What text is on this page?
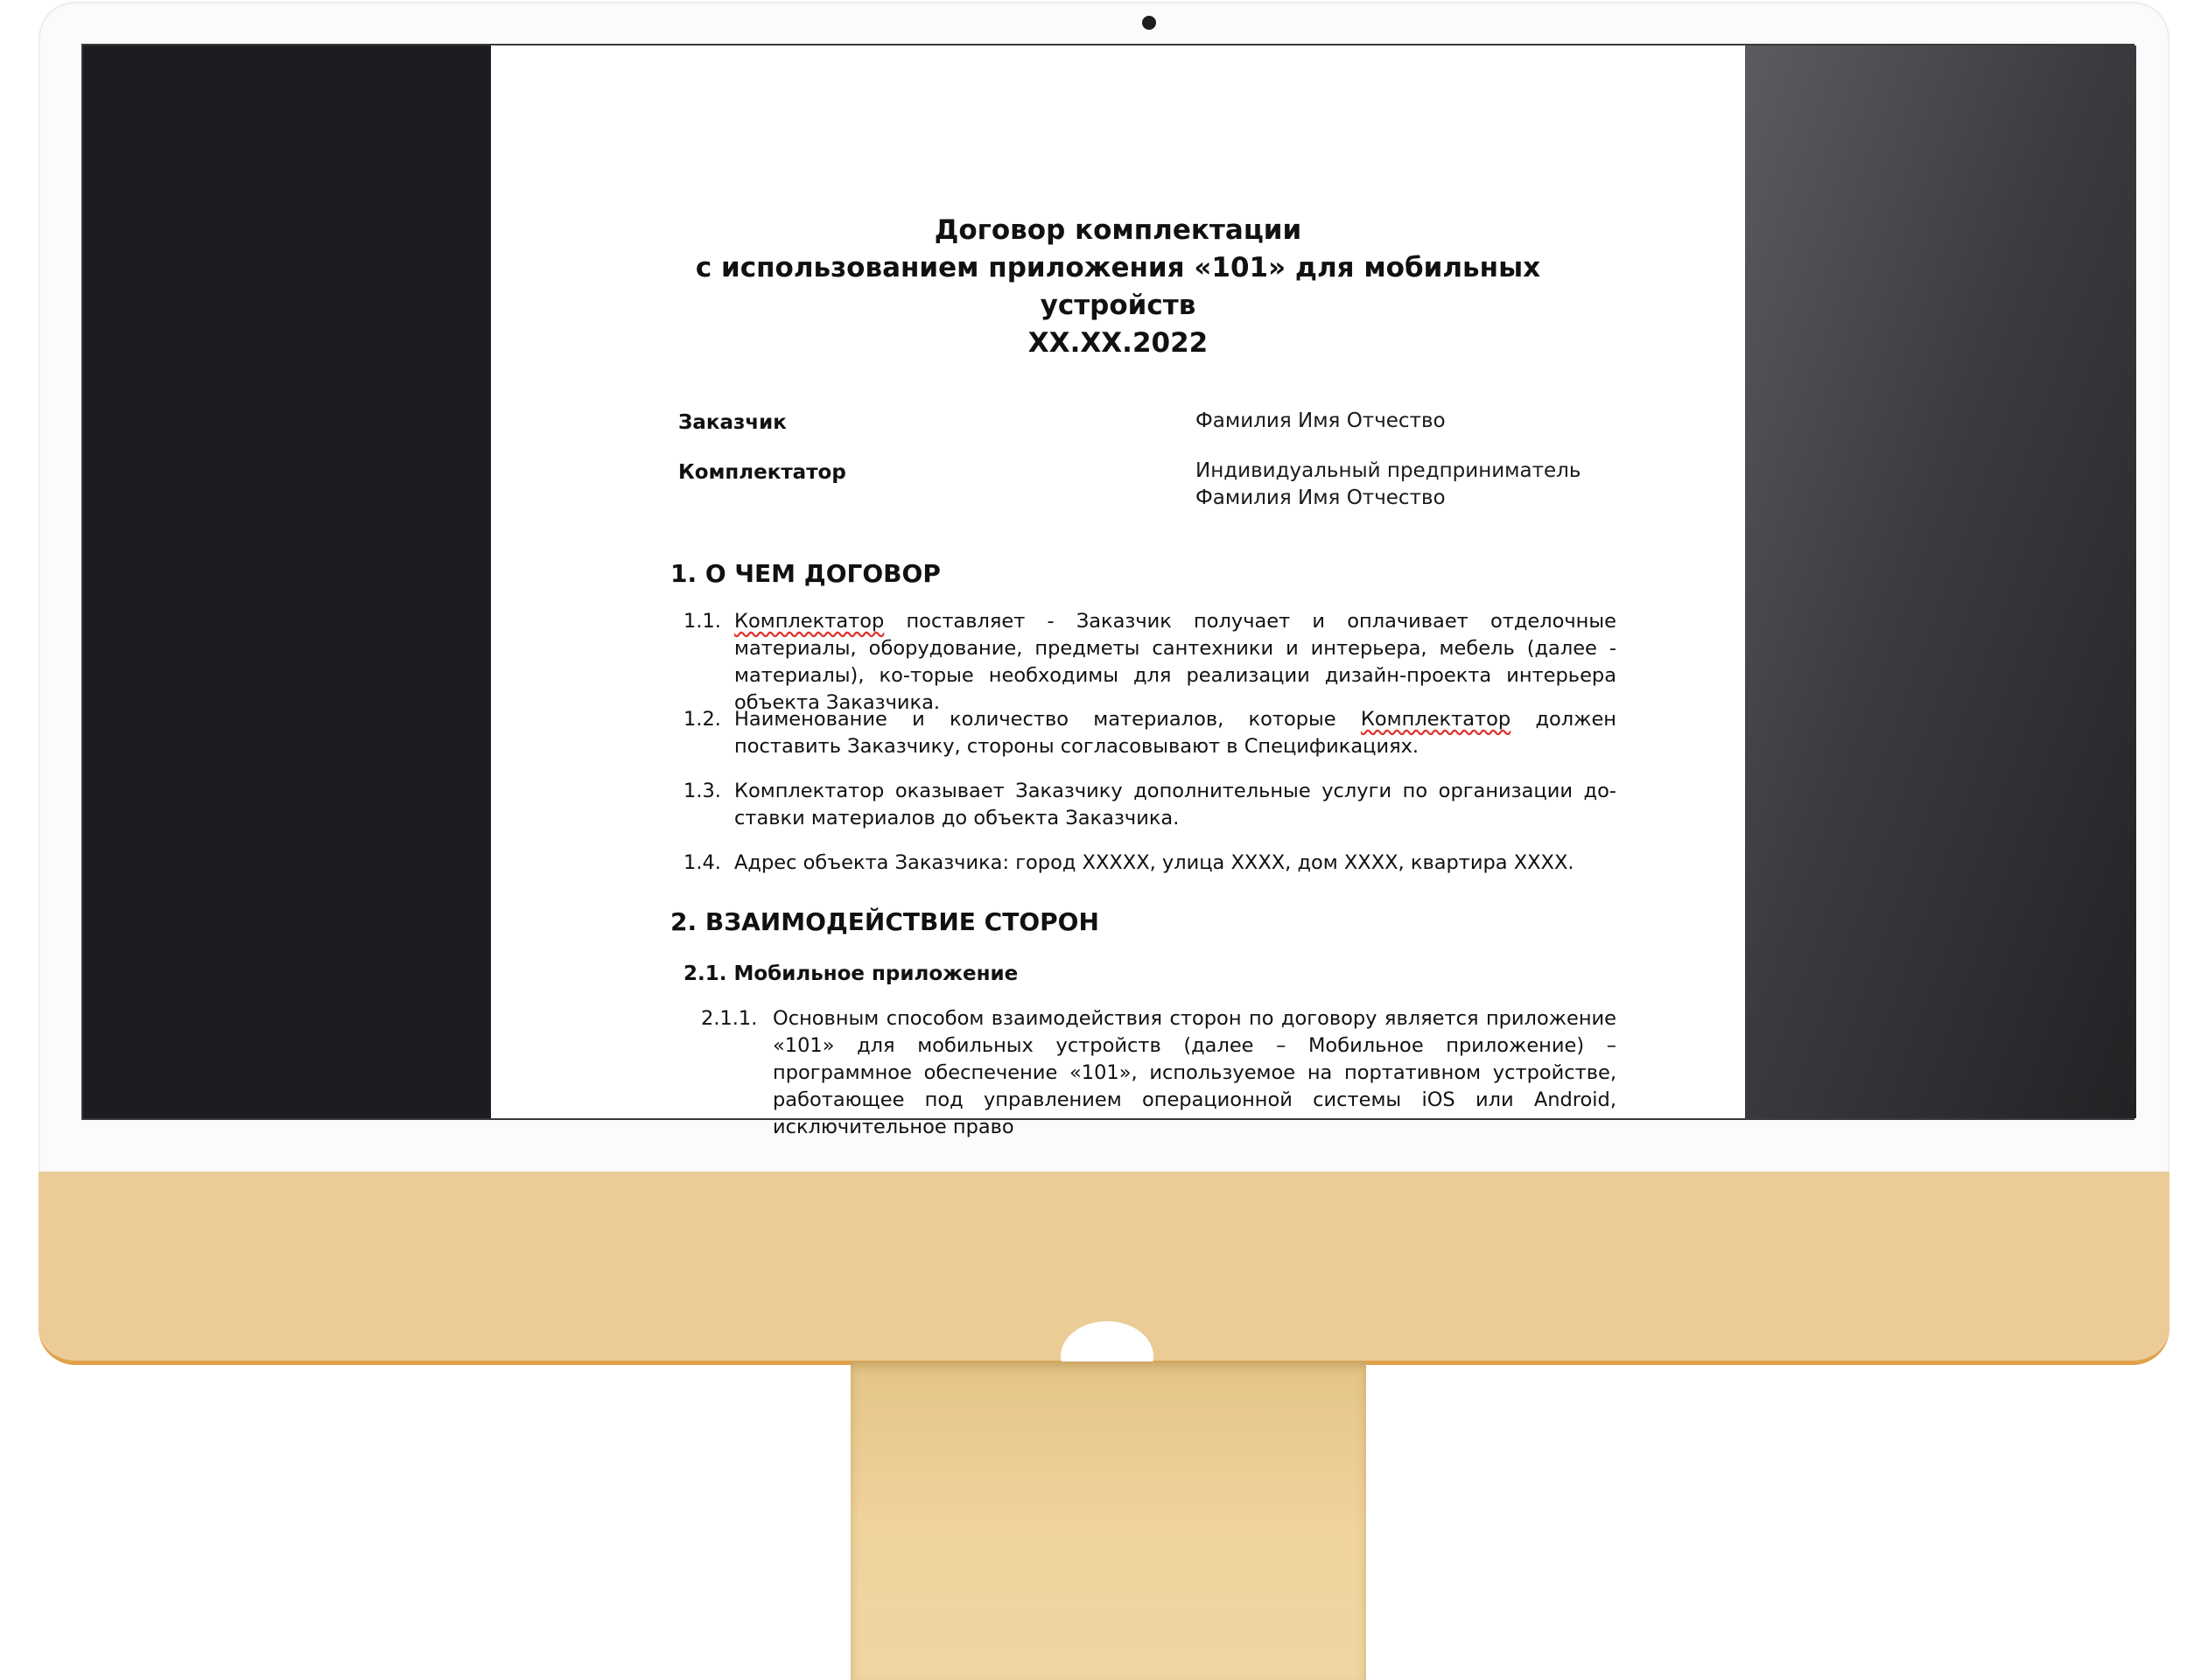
Договор комплектации
с использованием приложения «101» для мобильных
устройств
XX.XX.2022
Заказчик	Фамилия Имя Отчество
Комплектатор	Индивидуальный предприниматель
Фамилия Имя Отчество
1. О ЧЕМ ДОГОВОР
1.1. Комплектатор поставляет - Заказчик получает и оплачивает отделочные материалы, оборудование, предметы сантехники и интерьера, мебель (далее - материалы), ко-торые необходимы для реализации дизайн-проекта интерьера объекта Заказчика.
1.2. Наименование и количество материалов, которые Комплектатор должен поставить Заказчику, стороны согласовывают в Спецификациях.
1.3. Комплектатор оказывает Заказчику дополнительные услуги по организации до-ставки материалов до объекта Заказчика.
1.4. Адрес объекта Заказчика: город XXXXX, улица XXXX, дом XXXX, квартира XXXX.
2. ВЗАИМОДЕЙСТВИЕ СТОРОН
2.1. Мобильное приложение
2.1.1. Основным способом взаимодействия сторон по договору является приложение «101» для мобильных устройств (далее – Мобильное приложение) – программное обеспечение «101», используемое на портативном устройстве, работающее под управлением операционной системы iOS или Android, исключительное право
